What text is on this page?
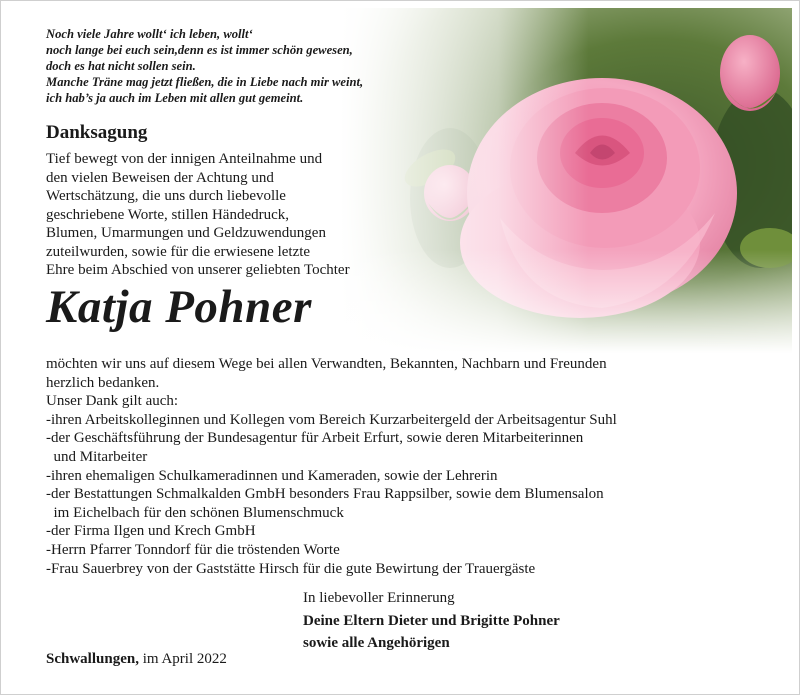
Noch viele Jahre wollt‘ ich leben, wollt‘
noch lange bei euch sein,denn es ist immer schön gewesen,
doch es hat nicht sollen sein.
Manche Träne mag jetzt fließen, die in Liebe nach mir weint,
ich hab’s ja auch im Leben mit allen gut gemeint.
Danksagung
Tief bewegt von der innigen Anteilnahme und
den vielen Beweisen der Achtung und
Wertschätzung, die uns durch liebevolle
geschriebene Worte, stillen Händedruck,
Blumen, Umarmungen und Geldzuwendungen
zuteilwurden, sowie für die erwiesene letzte
Ehre beim Abschied von unserer geliebten Tochter
Katja Pohner
möchten wir uns auf diesem Wege bei allen Verwandten, Bekannten, Nachbarn und Freunden
herzlich bedanken.
Unser Dank gilt auch:
-ihren Arbeitskolleginnen und Kollegen vom Bereich Kurzarbeitergeld der Arbeitsagentur Suhl
-der Geschäftsführung der Bundesagentur für Arbeit Erfurt, sowie deren Mitarbeiterinnen
und Mitarbeiter
-ihren ehemaligen Schulkameradinnen und Kameraden, sowie der Lehrerin
-der Bestattungen Schmalkalden GmbH besonders Frau Rappsilber, sowie dem Blumensalon
im Eichelbach für den schönen Blumenschmuck
-der Firma Ilgen und Krech GmbH
-Herrn Pfarrer Tonndorf für die tröstenden Worte
-Frau Sauerbrey von der Gaststätte Hirsch für die gute Bewirtung der Trauergäste
In liebevoller Erinnerung
Deine Eltern Dieter und Brigitte Pohner
sowie alle Angehörigen
Schwallungen, im April 2022
